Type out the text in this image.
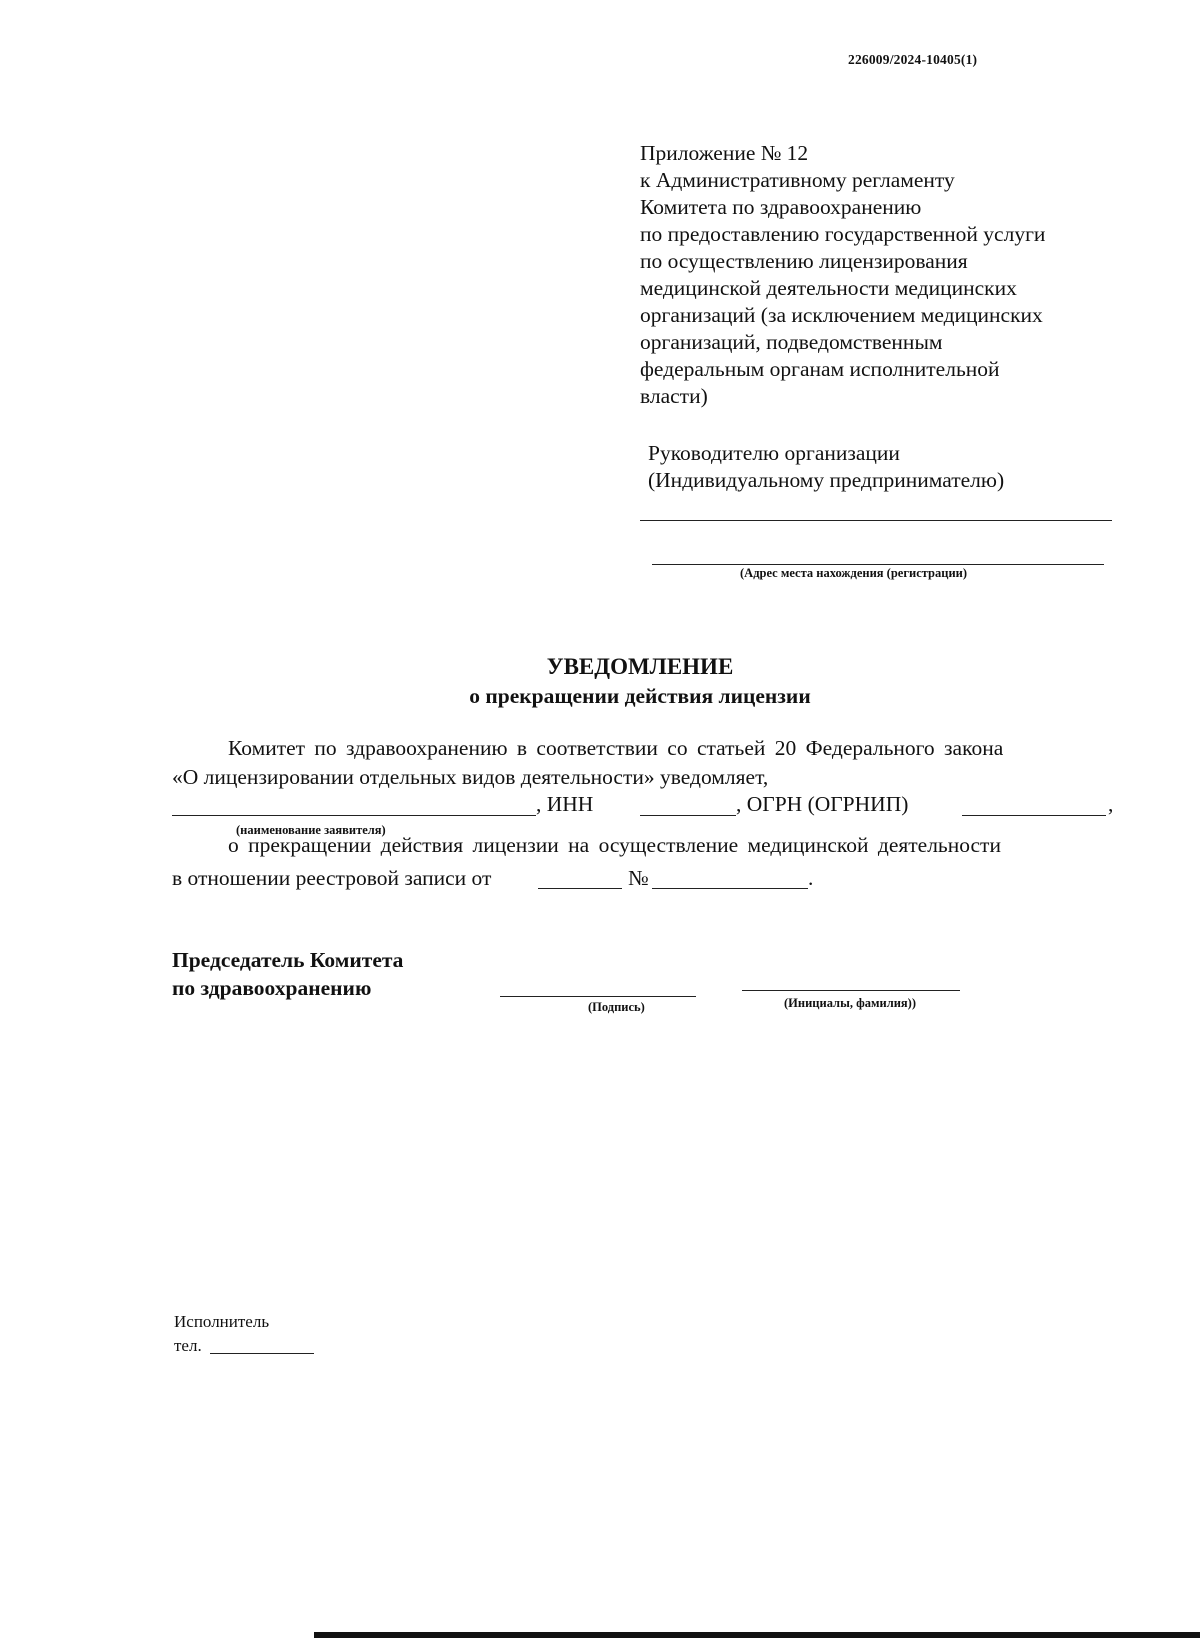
226009/2024-10405(1)
Приложение № 12
к Административному регламенту
Комитета по здравоохранению
по предоставлению государственной услуги
по осуществлению лицензирования
медицинской деятельности медицинских
организаций (за исключением медицинских
организаций, подведомственным
федеральным органам исполнительной
власти)
Руководителю организации
(Индивидуальному предпринимателю)
(Адрес места нахождения (регистрации)
УВЕДОМЛЕНИЕ
о прекращении действия лицензии
Комитет по здравоохранению в соответствии со статьей 20 Федерального закона
«О лицензировании отдельных видов деятельности» уведомляет,
, ИНН	, ОГРН (ОГРНИП)	,
(наименование заявителя)
о прекращении действия лицензии на осуществление медицинской деятельности
в отношении реестровой записи от	№	.
Председатель Комитета
по здравоохранению
(Подпись)	(Инициалы, фамилия))
Исполнитель
тел.
